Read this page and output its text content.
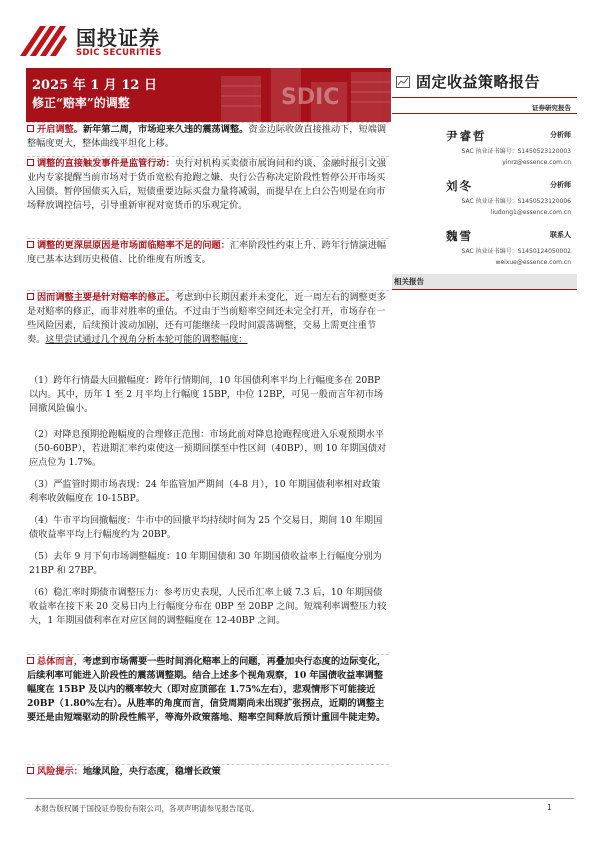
国投证券
SDIC SECURITIES
SDIC
2025 年 1 月 12 日
修正“赔率”的调整
固定收益策略报告
证券研究报告
尹睿哲	分析师
SAC 执业证书编号：S1450523120003
yinrz@essence.com.cn
刘冬	分析师
SAC 执业证书编号：S1450523120006
liudong1@essence.com.cn
魏雪	联系人
SAC 执业证书编号：S1450124050002
weixue@essence.com.cn
相关报告
开启调整。新年第二周，市场迎来久违的震荡调整。资金边际收敛直接推动下，短端调整幅度更大，整体曲线平坦化上移。
调整的直接触发事件是监管行动：央行对机构买卖债市展询问和约谈、金融时报引文强业内专家提醒当前市场对于货币宽松有抢跑之嫌、央行公告称决定阶段性暂停公开市场买入国债。暂停国债买入后，短债重要边际买盘力量将减弱，而提早在上白公告则是在向市场释放调控信号，引导重新审视对宽货币的乐观定价。
调整的更深层原因是市场面临赔率不足的问题：汇率阶段性约束上升、跨年行情演进幅度已基本达到历史极值、比价维度有所透支。
因而调整主要是针对赔率的修正。考虑到中长期因素并未变化，近一周左右的调整更多是对赔率的修正，而非对胜率的重估。不过由于当前赔率空间还未完全打开，市场存在一些风险因素，后续预计波动加剧，还有可能继续一段时间震荡调整，交易上需更注重节奏。这里尝试通过几个视角分析本轮可能的调整幅度：
（1）跨年行情最大回撤幅度：跨年行情期间，10 年国债利率平均上行幅度多在 20BP 以内。其中，历年 1 至 2 月平均上行幅度 15BP，中位 12BP，可见一般而言年初市场回撤风险偏小。
（2）对降息预期抢跑幅度的合理修正范围：市场此前对降息抢跑程度进入乐观预期水平（50-60BP），若进期汇率约束使这一预期回摆至中性区间（40BP），则 10 年期国债对应点位为 1.7%。
（3）严监管时期市场表现：24 年监管加严期间（4-8 月），10 年期国债利率相对政策利率收敛幅度在 10-15BP。
（4）牛市平均回撤幅度：牛市中的回撤平均持续时间为 25 个交易日，期间 10 年期国债收益率平均上行幅度约为 20BP。
（5）去年 9 月下旬市场调整幅度：10 年期国债和 30 年期国债收益率上行幅度分别为 21BP 和 27BP。
（6）稳汇率时期债市调整压力：参考历史表现，人民币汇率上破 7.3 后，10 年期国债收益率在接下来 20 交易日内上行幅度分布在 0BP 至 20BP 之间。短端利率调整压力较大，1 年期国债利率在对应区间的调整幅度在 12-40BP 之间。
总体而言，考虑到市场需要一些时间消化赔率上的问题，再叠加央行态度的边际变化，后续利率可能进入阶段性的震荡调整期。结合上述多个视角观察，10 年国债收益率调整幅度在 15BP 及以内的概率较大（即对应顶部在 1.75%左右），悲观情形下可能接近 20BP（1.80%左右）。从胜率的角度而言，信贷周期尚未出现扩张拐点，近期的调整主要还是由短端驱动的阶段性熊平，等海外政策落地、赔率空间释放后预计重回牛陡走势。
风险提示：地缘风险，央行态度，稳增长政策
本报告版权属于国投证券股份有限公司，各项声明请参见报告尾页。	1
